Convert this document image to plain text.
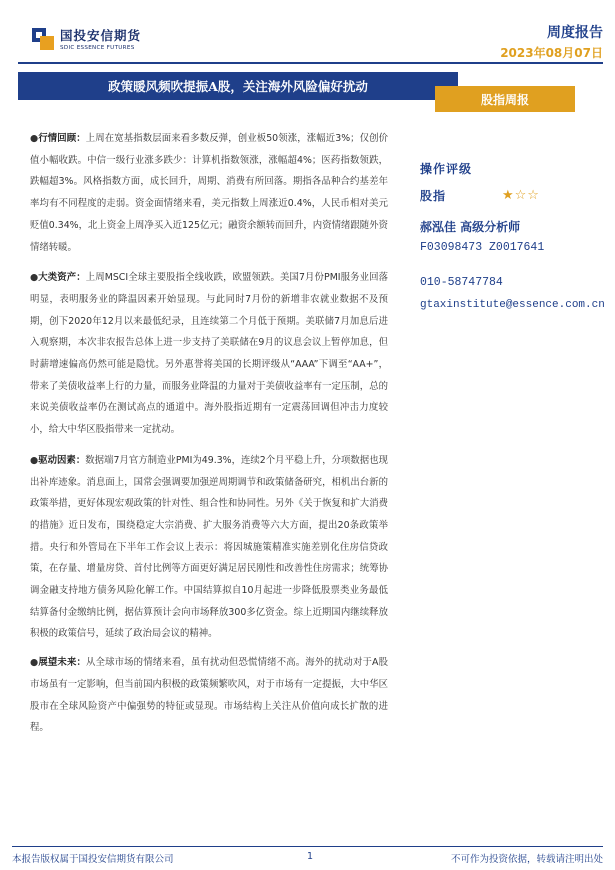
国投安信期货
SDIC ESSENCE FUTURES
周度报告
2023年08月07日
政策暖风频吹提振A股，关注海外风险偏好扰动
股指周报

●行情回顾：上周在宽基指数层面来看多数反弹，创业板50领涨，涨幅近3%；仅创价值小幅收跌。中信一级行业涨多跌少：计算机指数领涨，涨幅超4%；医药指数领跌，跌幅超3%。风格指数方面，成长回升，周期、消费有所回落。期指各品种合约基差年率均有不同程度的走弱。资金面情绪来看，美元指数上周涨近0.4%，人民币相对美元贬值0.34%，北上资金上周净买入近125亿元；融资余额转而回升，内资情绪跟随外资情绪转暖。

●大类资产：上周MSCI全球主要股指全线收跌，欧盟领跌。美国7月份PMI服务业回落明显，表明服务业的降温因素开始显现。与此同时7月份的新增非农就业数据不及预期，创下2020年12月以来最低纪录，且连续第二个月低于预期。美联储7月加息后进入观察期，本次非农报告总体上进一步支持了美联储在9月的议息会议上暂停加息，但时薪增速偏高仍然可能是隐忧。另外惠誉将美国的长期评级从“AAA”下调至“AA+”，带来了美债收益率上行的力量，而服务业降温的力量对于美债收益率有一定压制，总的来说美债收益率仍在测试高点的通道中。海外股指近期有一定震荡回调但冲击力度较小，给大中华区股指带来一定扰动。

●驱动因素：数据端7月官方制造业PMI为49.3%，连续2个月平稳上升，分项数据也现出补库迹象。消息面上，国常会强调要加强逆周期调节和政策储备研究，相机出台新的政策举措，更好体现宏观政策的针对性、组合性和协同性。另外《关于恢复和扩大消费的措施》近日发布，围绕稳定大宗消费、扩大服务消费等六大方面，提出20条政策举措。央行和外管局在下半年工作会议上表示：将因城施策精准实施差别化住房信贷政策，在存量、增量房贷、首付比例等方面更好满足居民刚性和改善性住房需求；统筹协调金融支持地方债务风险化解工作。中国结算拟自10月起进一步降低股票类业务最低结算备付金缴纳比例，据估算预计会向市场释放300多亿资金。综上近期国内继续释放积极的政策信号，延续了政治局会议的精神。

●展望未来：从全球市场的情绪来看，虽有扰动但恐慌情绪不高。海外的扰动对于A股市场虽有一定影响，但当前国内积极的政策频繁吹风，对于市场有一定提振，大中华区股市在全球风险资产中偏强势的特征或显现。市场结构上关注从价值向成长扩散的进程。

操作评级
股指	★☆☆
郝泓佳 高级分析师
F03098473 Z0017641
010-58747784
gtaxinstitute@essence.com.cn
本报告版权属于国投安信期货有限公司	1	不可作为投资依据，转载请注明出处
